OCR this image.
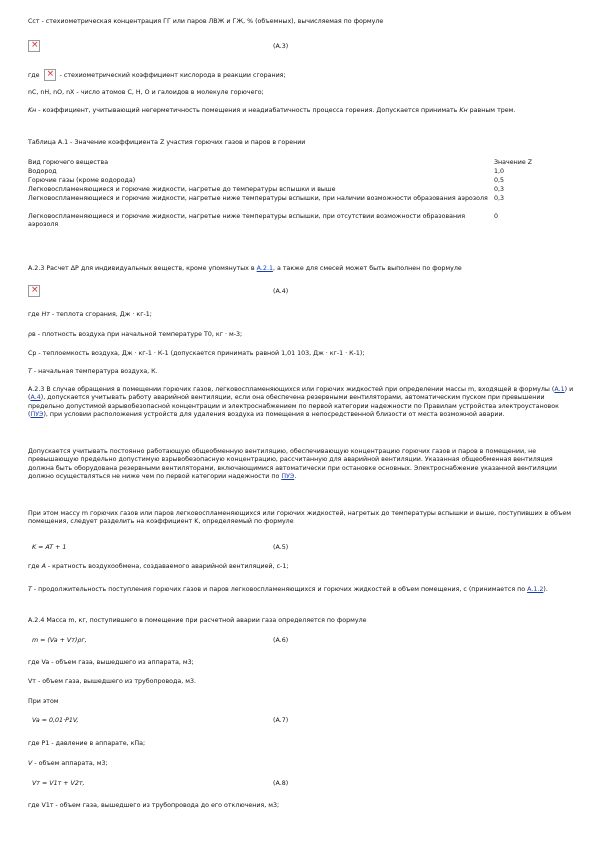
Сст - стехиометрическая концентрация ГГ или паров ЛВЖ и ГЖ, % (объемных), вычисляемая по формуле
×
(А.3)
где ×	- стехиометрический коэффициент кислорода в реакции сгорания;
nC, nH, nO, nX - число атомов С, Н, О и галоидов в молекуле горючего;
Kн - коэффициент, учитывающий негерметичность помещения и неадиабатичность процесса горения. Допускается принимать Kн равным трем.
Таблица А.1 - Значение коэффициента Z участия горючих газов и паров в горении
Вид горючего вещества	Значение Z
Водород	1,0
Горючие газы (кроме водорода)	0,5
Легковоспламеняющиеся и горючие жидкости, нагретые до температуры вспышки и выше	0,3
Легковоспламеняющиеся и горючие жидкости, нагретые ниже температуры вспышки, при наличии возможности образования аэрозоля	0,3
Легковоспламеняющиеся и горючие жидкости, нагретые ниже температуры вспышки, при отсутствии возможности образования аэрозоля	0
А.2.3 Расчет ΔР для индивидуальных веществ, кроме упомянутых в А.2.1, а также для смесей может быть выполнен по формуле
×
(А.4)
где Нт - теплота сгорания, Дж · кг-1;
ρв - плотность воздуха при начальной температуре Т0, кг · м-3;
Ср - теплоемкость воздуха, Дж · кг-1 · К-1 (допускается принимать равной 1,01 103, Дж · кг-1 · К-1);
Т - начальная температура воздуха, К.
А.2.3 В случае обращения в помещении горючих газов, легковоспламеняющихся или горючих жидкостей при определении массы m, входящей в формулы (А.1) и (А.4), допускается учитывать работу аварийной вентиляции, если она обеспечена резервными вентиляторами, автоматическим пуском при превышении предельно допустимой взрывобезопасной концентрации и электроснабжением по первой категории надежности по Правилам устройства электроустановок (ПУЭ), при условии расположения устройств для удаления воздуха из помещения в непосредственной близости от места возможной аварии.
Допускается учитывать постоянно работающую общеобменную вентиляцию, обеспечивающую концентрацию горючих газов и паров в помещении, не превышающую предельно допустимую взрывобезопасную концентрацию, рассчитанную для аварийной вентиляции. Указанная общеобменная вентиляция должна быть оборудована резервными вентиляторами, включающимися автоматически при остановке основных. Электроснабжение указанной вентиляции должно осуществляться не ниже чем по первой категории надежности по ПУЭ.
При этом массу m горючих газов или паров легковоспламеняющихся или горючих жидкостей, нагретых до температуры вспышки и выше, поступивших в объем помещения, следует разделить на коэффициент K, определяемый по формуле
K = AT + 1	(А.5)
где А - кратность воздухообмена, создаваемого аварийной вентиляцией, с-1;
Т - продолжительность поступления горючих газов и паров легковоспламеняющихся и горючих жидкостей в объем помещения, с (принимается по А.1.2).
А.2.4 Масса m, кг, поступившего в помещение при расчетной аварии газа определяется по формуле
m = (Va + Vт)ρг,	(А.6)
где Va - объем газа, вышедшего из аппарата, м3;
Vт - объем газа, вышедшего из трубопровода, м3.
При этом
Va = 0,01·P1V,	(А.7)
где Р1 - давление в аппарате, кПа;
V - объем аппарата, м3;
Vт = V1т + V2т,	(А.8)
где V1т - объем газа, вышедшего из трубопровода до его отключения, м3;
